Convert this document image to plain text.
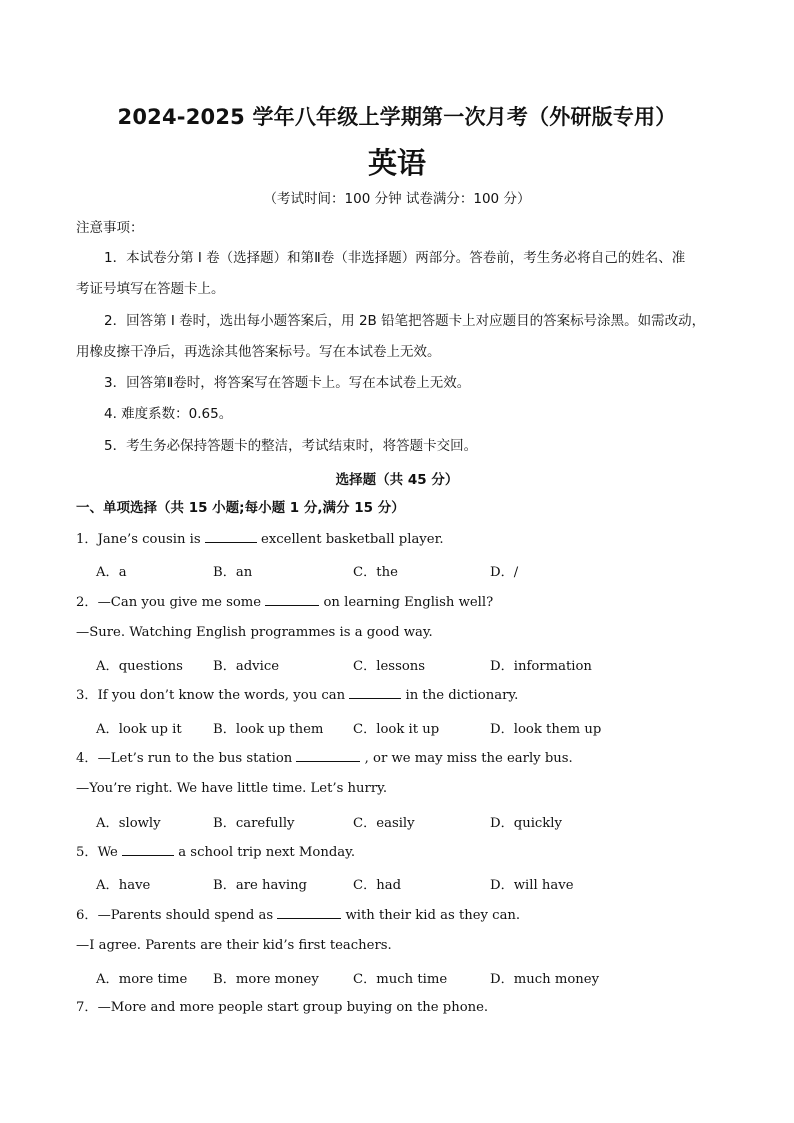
2024-2025 学年八年级上学期第一次月考（外研版专用）
英语
（考试时间：100 分钟 试卷满分：100 分）
注意事项：
1．本试卷分第 I 卷（选择题）和第Ⅱ卷（非选择题）两部分。答卷前，考生务必将自己的姓名、准
考证号填写在答题卡上。
2．回答第 I 卷时，选出每小题答案后，用 2B 铅笔把答题卡上对应题目的答案标号涂黑。如需改动，
用橡皮擦干净后，再选涂其他答案标号。写在本试卷上无效。
3．回答第Ⅱ卷时，将答案写在答题卡上。写在本试卷上无效。
4. 难度系数：0.65。
5．考生务必保持答题卡的整洁，考试结束时，将答题卡交回。
选择题（共 45 分）
一、单项选择（共 15 小题;每小题 1 分,满分 15 分）
1．Jane’s cousin is	excellent basketball player.
A．a	B．an	C．the	D．/
2．—Can you give me some	on learning English well?
—Sure. Watching English programmes is a good way.
A．questions B．advice	C．lessons	D．information
3．If you don’t know the words, you can	in the dictionary.
A．look up it B．look up them C．look it up	D．look them up
4．—Let’s run to the bus station	, or we may miss the early bus.
—You’re right. We have little time. Let’s hurry.
A．slowly	B．carefully	C．easily	D．quickly
5．We	a school trip next Monday.
A．have	B．are having	C．had	D．will have
6．—Parents should spend as	with their kid as they can.
—I agree. Parents are their kid’s first teachers.
A．more time B．more money	C．much time	D．much money
7．—More and more people start group buying on the phone.
